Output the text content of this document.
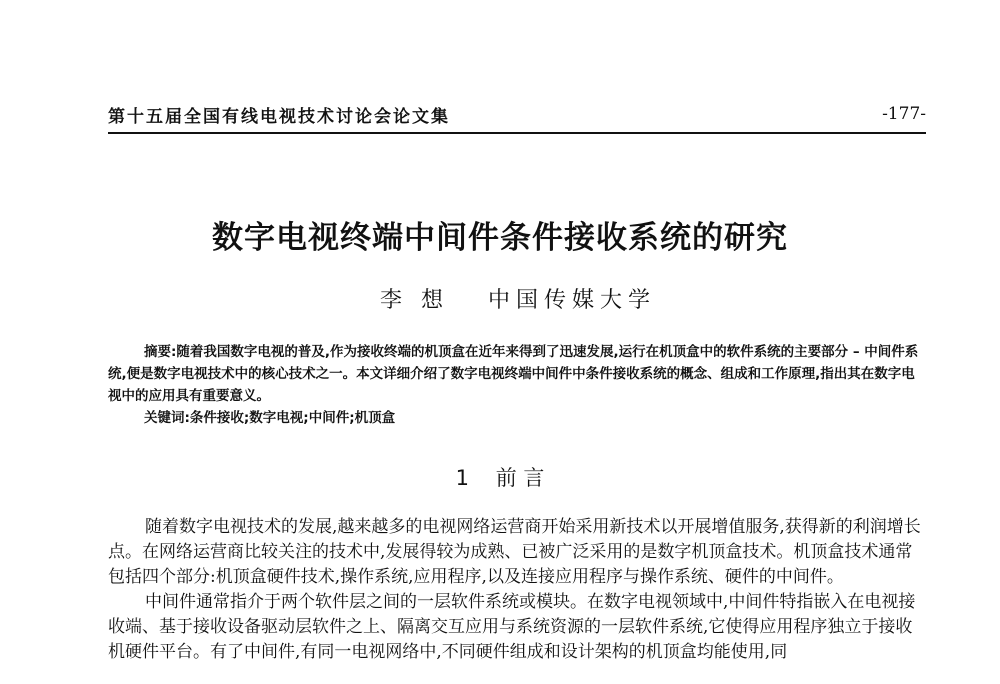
第十五届全国有线电视技术讨论会论文集	-177-
数字电视终端中间件条件接收系统的研究
李 想 中国传媒大学

摘要:随着我国数字电视的普及,作为接收终端的机顶盒在近年来得到了迅速发展,运行在机顶盒中的软件系统的主要部分 – 中间件系统,便是数字电视技术中的核心技术之一。本文详细介绍了数字电视终端中间件中条件接收系统的概念、组成和工作原理,指出其在数字电视中的应用具有重要意义。

关键词:条件接收;数字电视;中间件;机顶盒

1 前 言

随着数字电视技术的发展,越来越多的电视网络运营商开始采用新技术以开展增值服务,获得新的利润增长点。在网络运营商比较关注的技术中,发展得较为成熟、已被广泛采用的是数字机顶盒技术。机顶盒技术通常包括四个部分:机顶盒硬件技术,操作系统,应用程序,以及连接应用程序与操作系统、硬件的中间件。

中间件通常指介于两个软件层之间的一层软件系统或模块。在数字电视领域中,中间件特指嵌入在电视接收端、基于接收设备驱动层软件之上、隔离交互应用与系统资源的一层软件系统,它使得应用程序独立于接收机硬件平台。有了中间件,有同一电视网络中,不同硬件组成和设计架构的机顶盒均能使用,同
